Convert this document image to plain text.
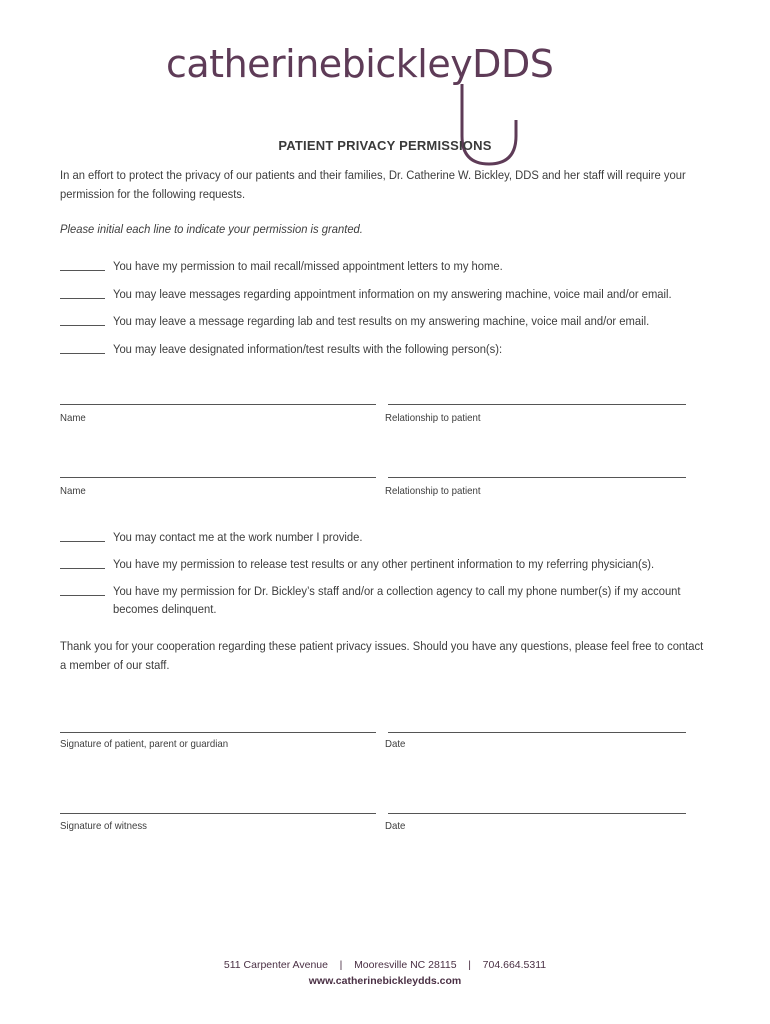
catherinebickleyDDS
PATIENT PRIVACY PERMISSIONS
In an effort to protect the privacy of our patients and their families, Dr. Catherine W. Bickley, DDS and her staff will require your permission for the following requests.
Please initial each line to indicate your permission is granted.
You have my permission to mail recall/missed appointment letters to my home.
You may leave messages regarding appointment information on my answering machine, voice mail and/or email.
You may leave a message regarding lab and test results on my answering machine, voice mail and/or email.
You may leave designated information/test results with the following person(s):
Name	Relationship to patient
Name	Relationship to patient
You may contact me at the work number I provide.
You have my permission to release test results or any other pertinent information to my referring physician(s).
You have my permission for Dr. Bickley’s staff and/or a collection agency to call my phone number(s) if my account becomes delinquent.
Thank you for your cooperation regarding these patient privacy issues. Should you have any questions, please feel free to contact a member of our staff.
Signature of patient, parent or guardian	Date
Signature of witness	Date
511 Carpenter Avenue | Mooresville NC 28115 | 704.664.5311
www.catherinebickleydds.com
